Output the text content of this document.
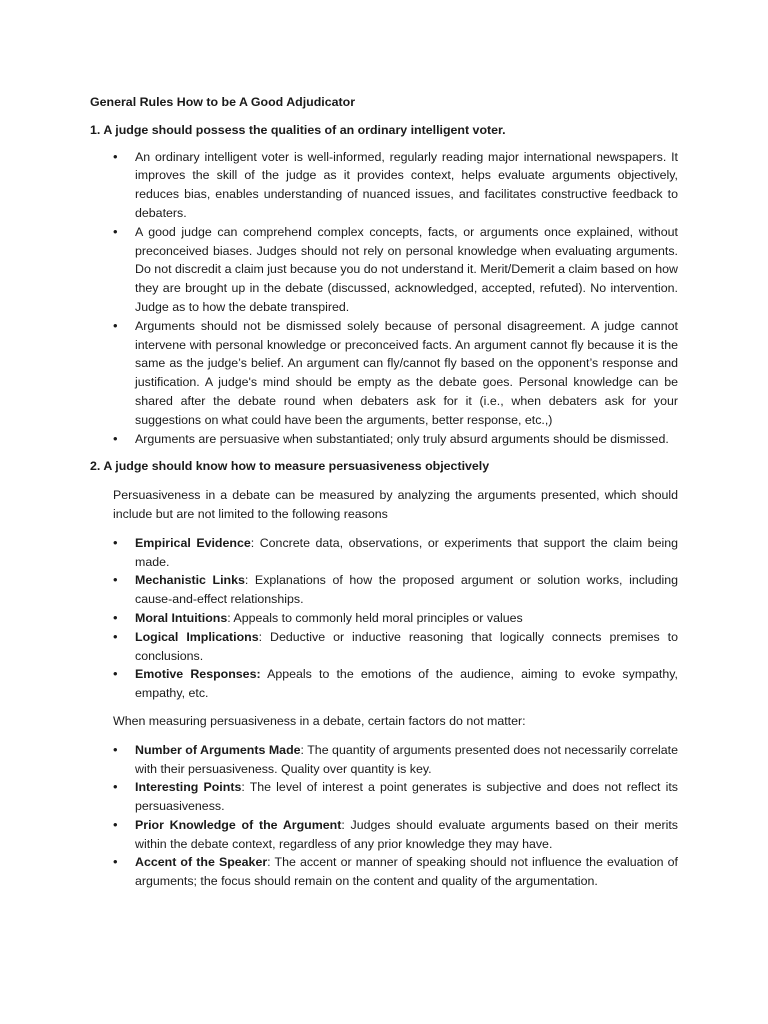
General Rules How to be A Good Adjudicator
1. A judge should possess the qualities of an ordinary intelligent voter.
• An ordinary intelligent voter is well-informed, regularly reading major international newspapers. It improves the skill of the judge as it provides context, helps evaluate arguments objectively, reduces bias, enables understanding of nuanced issues, and facilitates constructive feedback to debaters.
• A good judge can comprehend complex concepts, facts, or arguments once explained, without preconceived biases. Judges should not rely on personal knowledge when evaluating arguments. Do not discredit a claim just because you do not understand it. Merit/Demerit a claim based on how they are brought up in the debate (discussed, acknowledged, accepted, refuted). No intervention. Judge as to how the debate transpired.
• Arguments should not be dismissed solely because of personal disagreement. A judge cannot intervene with personal knowledge or preconceived facts. An argument cannot fly because it is the same as the judge’s belief. An argument can fly/cannot fly based on the opponent’s response and justification. A judge's mind should be empty as the debate goes. Personal knowledge can be shared after the debate round when debaters ask for it (i.e., when debaters ask for your suggestions on what could have been the arguments, better response, etc.,)
• Arguments are persuasive when substantiated; only truly absurd arguments should be dismissed.
2. A judge should know how to measure persuasiveness objectively

Persuasiveness in a debate can be measured by analyzing the arguments presented, which should include but are not limited to the following reasons

• Empirical Evidence: Concrete data, observations, or experiments that support the claim being made.
• Mechanistic Links: Explanations of how the proposed argument or solution works, including cause-and-effect relationships.
• Moral Intuitions: Appeals to commonly held moral principles or values
• Logical Implications: Deductive or inductive reasoning that logically connects premises to conclusions.
• Emotive Responses: Appeals to the emotions of the audience, aiming to evoke sympathy, empathy, etc.

When measuring persuasiveness in a debate, certain factors do not matter:

• Number of Arguments Made: The quantity of arguments presented does not necessarily correlate with their persuasiveness. Quality over quantity is key.
• Interesting Points: The level of interest a point generates is subjective and does not reflect its persuasiveness.
• Prior Knowledge of the Argument: Judges should evaluate arguments based on their merits within the debate context, regardless of any prior knowledge they may have.
• Accent of the Speaker: The accent or manner of speaking should not influence the evaluation of arguments; the focus should remain on the content and quality of the argumentation.
